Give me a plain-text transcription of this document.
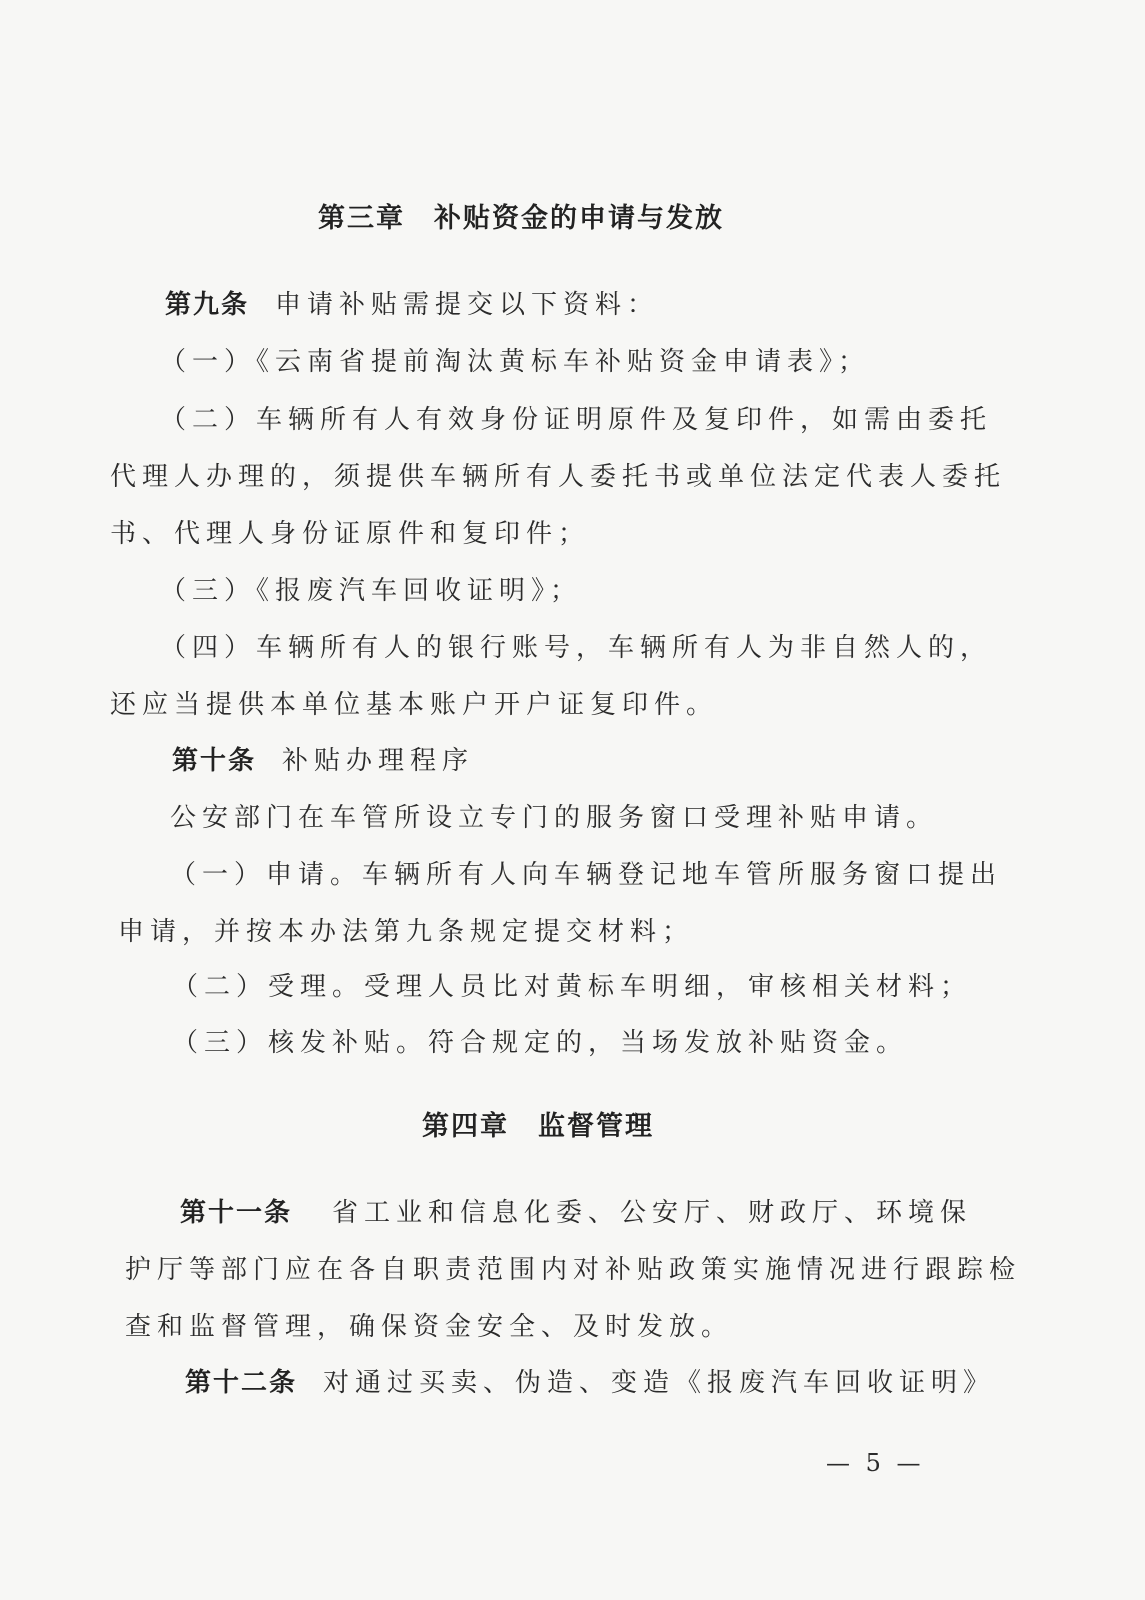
第三章　补贴资金的申请与发放
第九条 申请补贴需提交以下资料：
（一）《云南省提前淘汰黄标车补贴资金申请表》；
（二）车辆所有人有效身份证明原件及复印件，如需由委托
代理人办理的，须提供车辆所有人委托书或单位法定代表人委托
书、代理人身份证原件和复印件；
（三）《报废汽车回收证明》；
（四）车辆所有人的银行账号，车辆所有人为非自然人的，
还应当提供本单位基本账户开户证复印件。
第十条 补贴办理程序
公安部门在车管所设立专门的服务窗口受理补贴申请。
（一）申请。车辆所有人向车辆登记地车管所服务窗口提出
申请，并按本办法第九条规定提交材料；
（二）受理。受理人员比对黄标车明细，审核相关材料；
（三）核发补贴。符合规定的，当场发放补贴资金。
第四章　监督管理
第十一条 省工业和信息化委、公安厅、财政厅、环境保
护厅等部门应在各自职责范围内对补贴政策实施情况进行跟踪检
查和监督管理，确保资金安全、及时发放。
第十二条 对通过买卖、伪造、变造《报废汽车回收证明》
— 5 —
